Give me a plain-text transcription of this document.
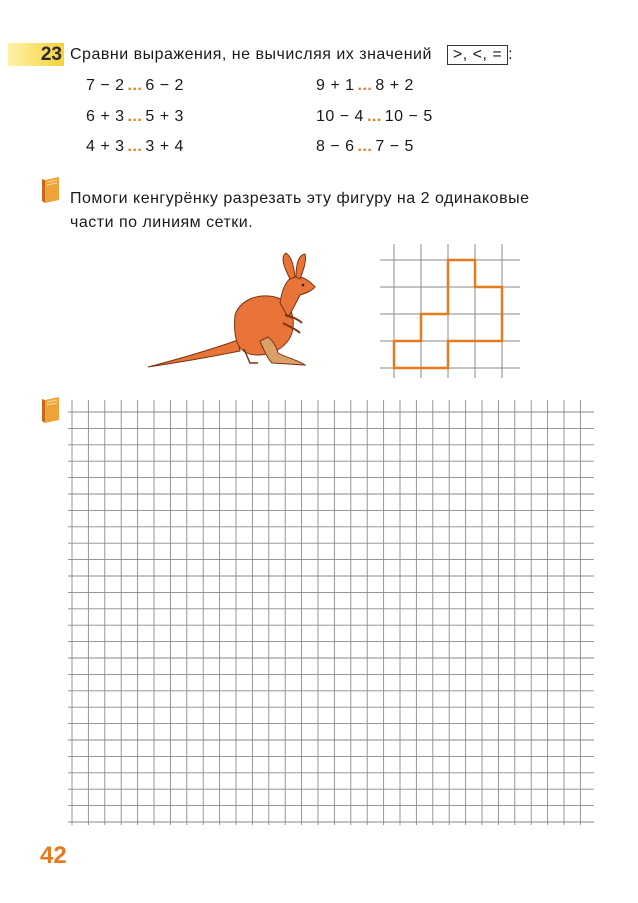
23 Сравни выражения, не вычисляя их значений >, <, = :
7 − 2 ... 6 − 2
6 + 3 ... 5 + 3
4 + 3 ... 3 + 4
9 + 1 ... 8 + 2
10 − 4 ... 10 − 5
8 − 6 ... 7 − 5
Помоги кенгурёнку разрезать эту фигуру на 2 одинаковые
части по линиям сетки.
42
